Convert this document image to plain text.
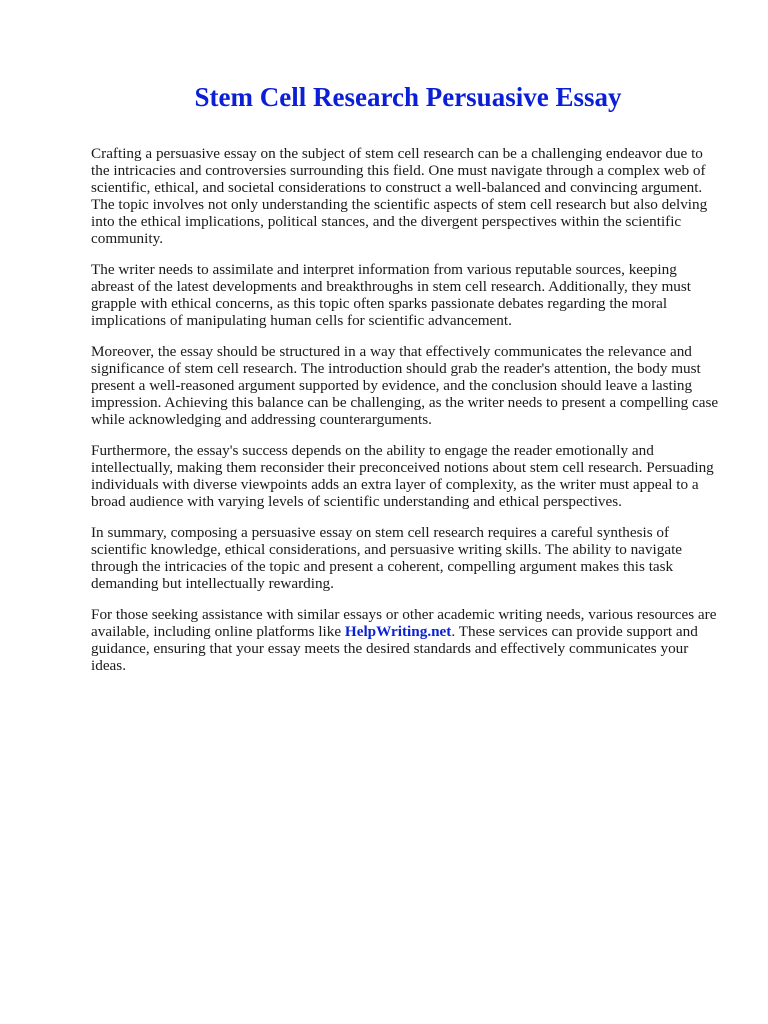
Stem Cell Research Persuasive Essay

Crafting a persuasive essay on the subject of stem cell research can be a challenging endeavor due to the intricacies and controversies surrounding this field. One must navigate through a complex web of scientific, ethical, and societal considerations to construct a well-balanced and convincing argument. The topic involves not only understanding the scientific aspects of stem cell research but also delving into the ethical implications, political stances, and the divergent perspectives within the scientific community.

The writer needs to assimilate and interpret information from various reputable sources, keeping abreast of the latest developments and breakthroughs in stem cell research. Additionally, they must grapple with ethical concerns, as this topic often sparks passionate debates regarding the moral implications of manipulating human cells for scientific advancement.

Moreover, the essay should be structured in a way that effectively communicates the relevance and significance of stem cell research. The introduction should grab the reader's attention, the body must present a well-reasoned argument supported by evidence, and the conclusion should leave a lasting impression. Achieving this balance can be challenging, as the writer needs to present a compelling case while acknowledging and addressing counterarguments.

Furthermore, the essay's success depends on the ability to engage the reader emotionally and intellectually, making them reconsider their preconceived notions about stem cell research. Persuading individuals with diverse viewpoints adds an extra layer of complexity, as the writer must appeal to a broad audience with varying levels of scientific understanding and ethical perspectives.

In summary, composing a persuasive essay on stem cell research requires a careful synthesis of scientific knowledge, ethical considerations, and persuasive writing skills. The ability to navigate through the intricacies of the topic and present a coherent, compelling argument makes this task demanding but intellectually rewarding.

For those seeking assistance with similar essays or other academic writing needs, various resources are available, including online platforms like HelpWriting.net. These services can provide support and guidance, ensuring that your essay meets the desired standards and effectively communicates your ideas.
